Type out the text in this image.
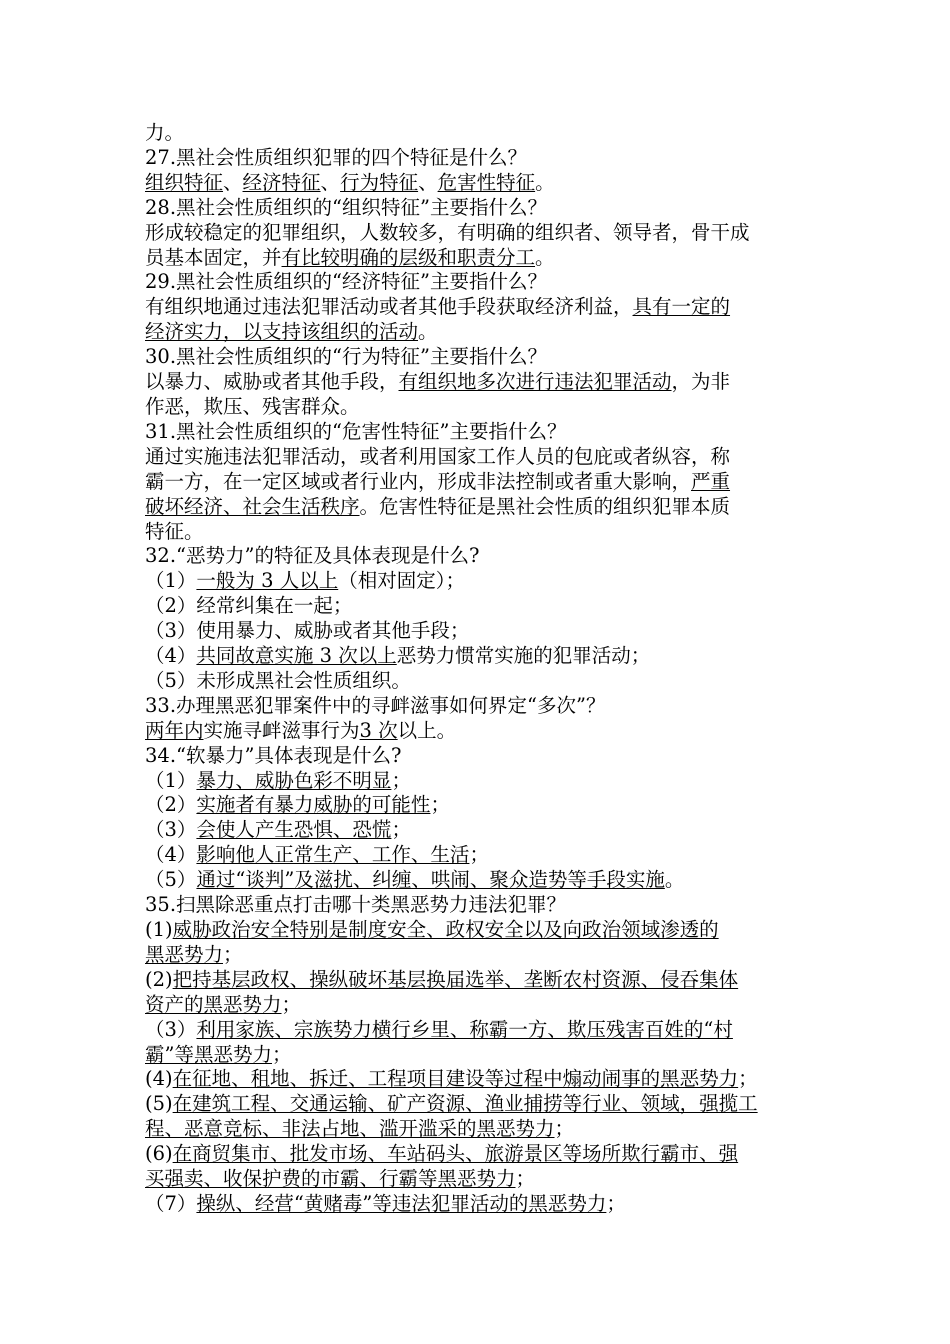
力。
27.黑社会性质组织犯罪的四个特征是什么？
组织特征、经济特征、行为特征、危害性特征。
28.黑社会性质组织的“组织特征”主要指什么？
形成较稳定的犯罪组织，人数较多，有明确的组织者、领导者，骨干成
员基本固定，并有比较明确的层级和职责分工。
29.黑社会性质组织的“经济特征”主要指什么？
有组织地通过违法犯罪活动或者其他手段获取经济利益，具有一定的
经济实力，以支持该组织的活动。
30.黑社会性质组织的“行为特征”主要指什么？
以暴力、威胁或者其他手段，有组织地多次进行违法犯罪活动，为非
作恶，欺压、残害群众。
31.黑社会性质组织的“危害性特征”主要指什么？
通过实施违法犯罪活动，或者利用国家工作人员的包庇或者纵容，称
霸一方，在一定区域或者行业内，形成非法控制或者重大影响，严重
破坏经济、社会生活秩序。危害性特征是黑社会性质的组织犯罪本质
特征。
32.“恶势力”的特征及具体表现是什么?
（1）一般为 3 人以上（相对固定）；
（2）经常纠集在一起；
（3）使用暴力、威胁或者其他手段；
（4）共同故意实施 3 次以上恶势力惯常实施的犯罪活动；
（5）未形成黑社会性质组织。
33.办理黑恶犯罪案件中的寻衅滋事如何界定“多次”？
两年内实施寻衅滋事行为3 次以上。
34.“软暴力”具体表现是什么?
（1）暴力、威胁色彩不明显；
（2）实施者有暴力威胁的可能性；
（3）会使人产生恐惧、恐慌；
（4）影响他人正常生产、工作、生活；
（5）通过“谈判”及滋扰、纠缠、哄闹、聚众造势等手段实施。
35.扫黑除恶重点打击哪十类黑恶势力违法犯罪？
(1)威胁政治安全特别是制度安全、政权安全以及向政治领域渗透的
黑恶势力；
(2)把持基层政权、操纵破坏基层换届选举、垄断农村资源、侵吞集体
资产的黑恶势力；
（3）利用家族、宗族势力横行乡里、称霸一方、欺压残害百姓的“村
霸”等黑恶势力；
(4)在征地、租地、拆迁、工程项目建设等过程中煽动闹事的黑恶势力；
(5)在建筑工程、交通运输、矿产资源、渔业捕捞等行业、领域，强揽工
程、恶意竞标、非法占地、滥开滥采的黑恶势力；
(6)在商贸集市、批发市场、车站码头、旅游景区等场所欺行霸市、强
买强卖、收保护费的市霸、行霸等黑恶势力；
（7）操纵、经营“黄赌毒”等违法犯罪活动的黑恶势力；
